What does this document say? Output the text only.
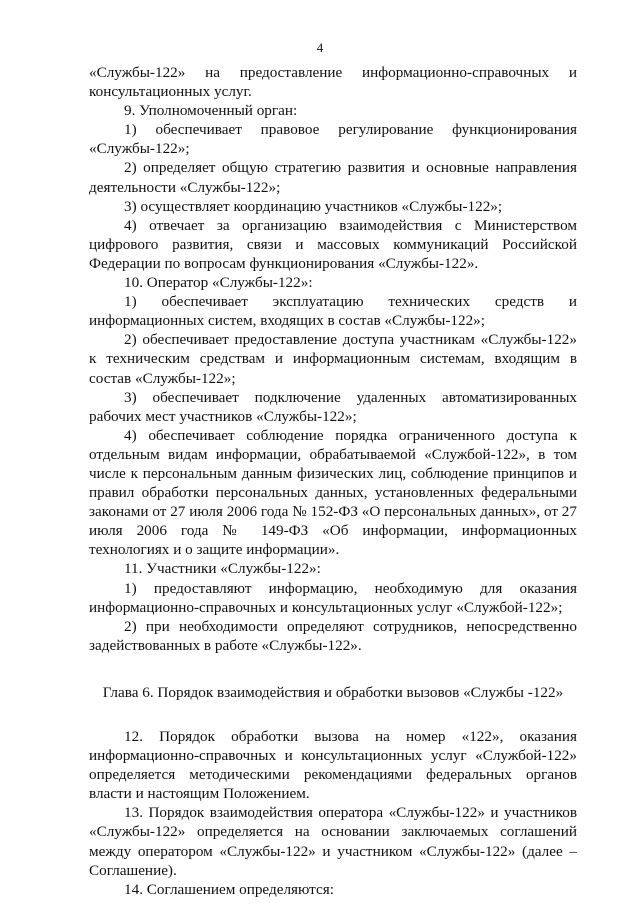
4

«Службы-122» на предоставление информационно-справочных и консультационных услуг.

9. Уполномоченный орган:

1) обеспечивает правовое регулирование функционирования «Службы-122»;

2) определяет общую стратегию развития и основные направления деятельности «Службы-122»;

3) осуществляет координацию участников «Службы-122»;

4) отвечает за организацию взаимодействия с Министерством цифрового развития, связи и массовых коммуникаций Российской Федерации по вопросам функционирования «Службы-122».

10. Оператор «Службы-122»:

1) обеспечивает эксплуатацию технических средств и информационных систем, входящих в состав «Службы-122»;

2) обеспечивает предоставление доступа участникам «Службы-122» к техническим средствам и информационным системам, входящим в состав «Службы-122»;

3) обеспечивает подключение удаленных автоматизированных рабочих мест участников «Службы-122»;

4) обеспечивает соблюдение порядка ограниченного доступа к отдельным видам информации, обрабатываемой «Службой-122», в том числе к персональным данным физических лиц, соблюдение принципов и правил обработки персональных данных, установленных федеральными законами от 27 июля 2006 года № 152-ФЗ «О персональных данных», от 27 июля 2006 года № 149-ФЗ «Об информации, информационных технологиях и о защите информации».

11. Участники «Службы-122»:

1) предоставляют информацию, необходимую для оказания информационно-справочных и консультационных услуг «Службой-122»;

2) при необходимости определяют сотрудников, непосредственно задействованных в работе «Службы-122».

Глава 6. Порядок взаимодействия и обработки вызовов «Службы -122»

12. Порядок обработки вызова на номер «122», оказания информационно-справочных и консультационных услуг «Службой-122» определяется методическими рекомендациями федеральных органов власти и настоящим Положением.

13. Порядок взаимодействия оператора «Службы-122» и участников «Службы-122» определяется на основании заключаемых соглашений между оператором «Службы-122» и участником «Службы-122» (далее – Соглашение).

14. Соглашением определяются:
